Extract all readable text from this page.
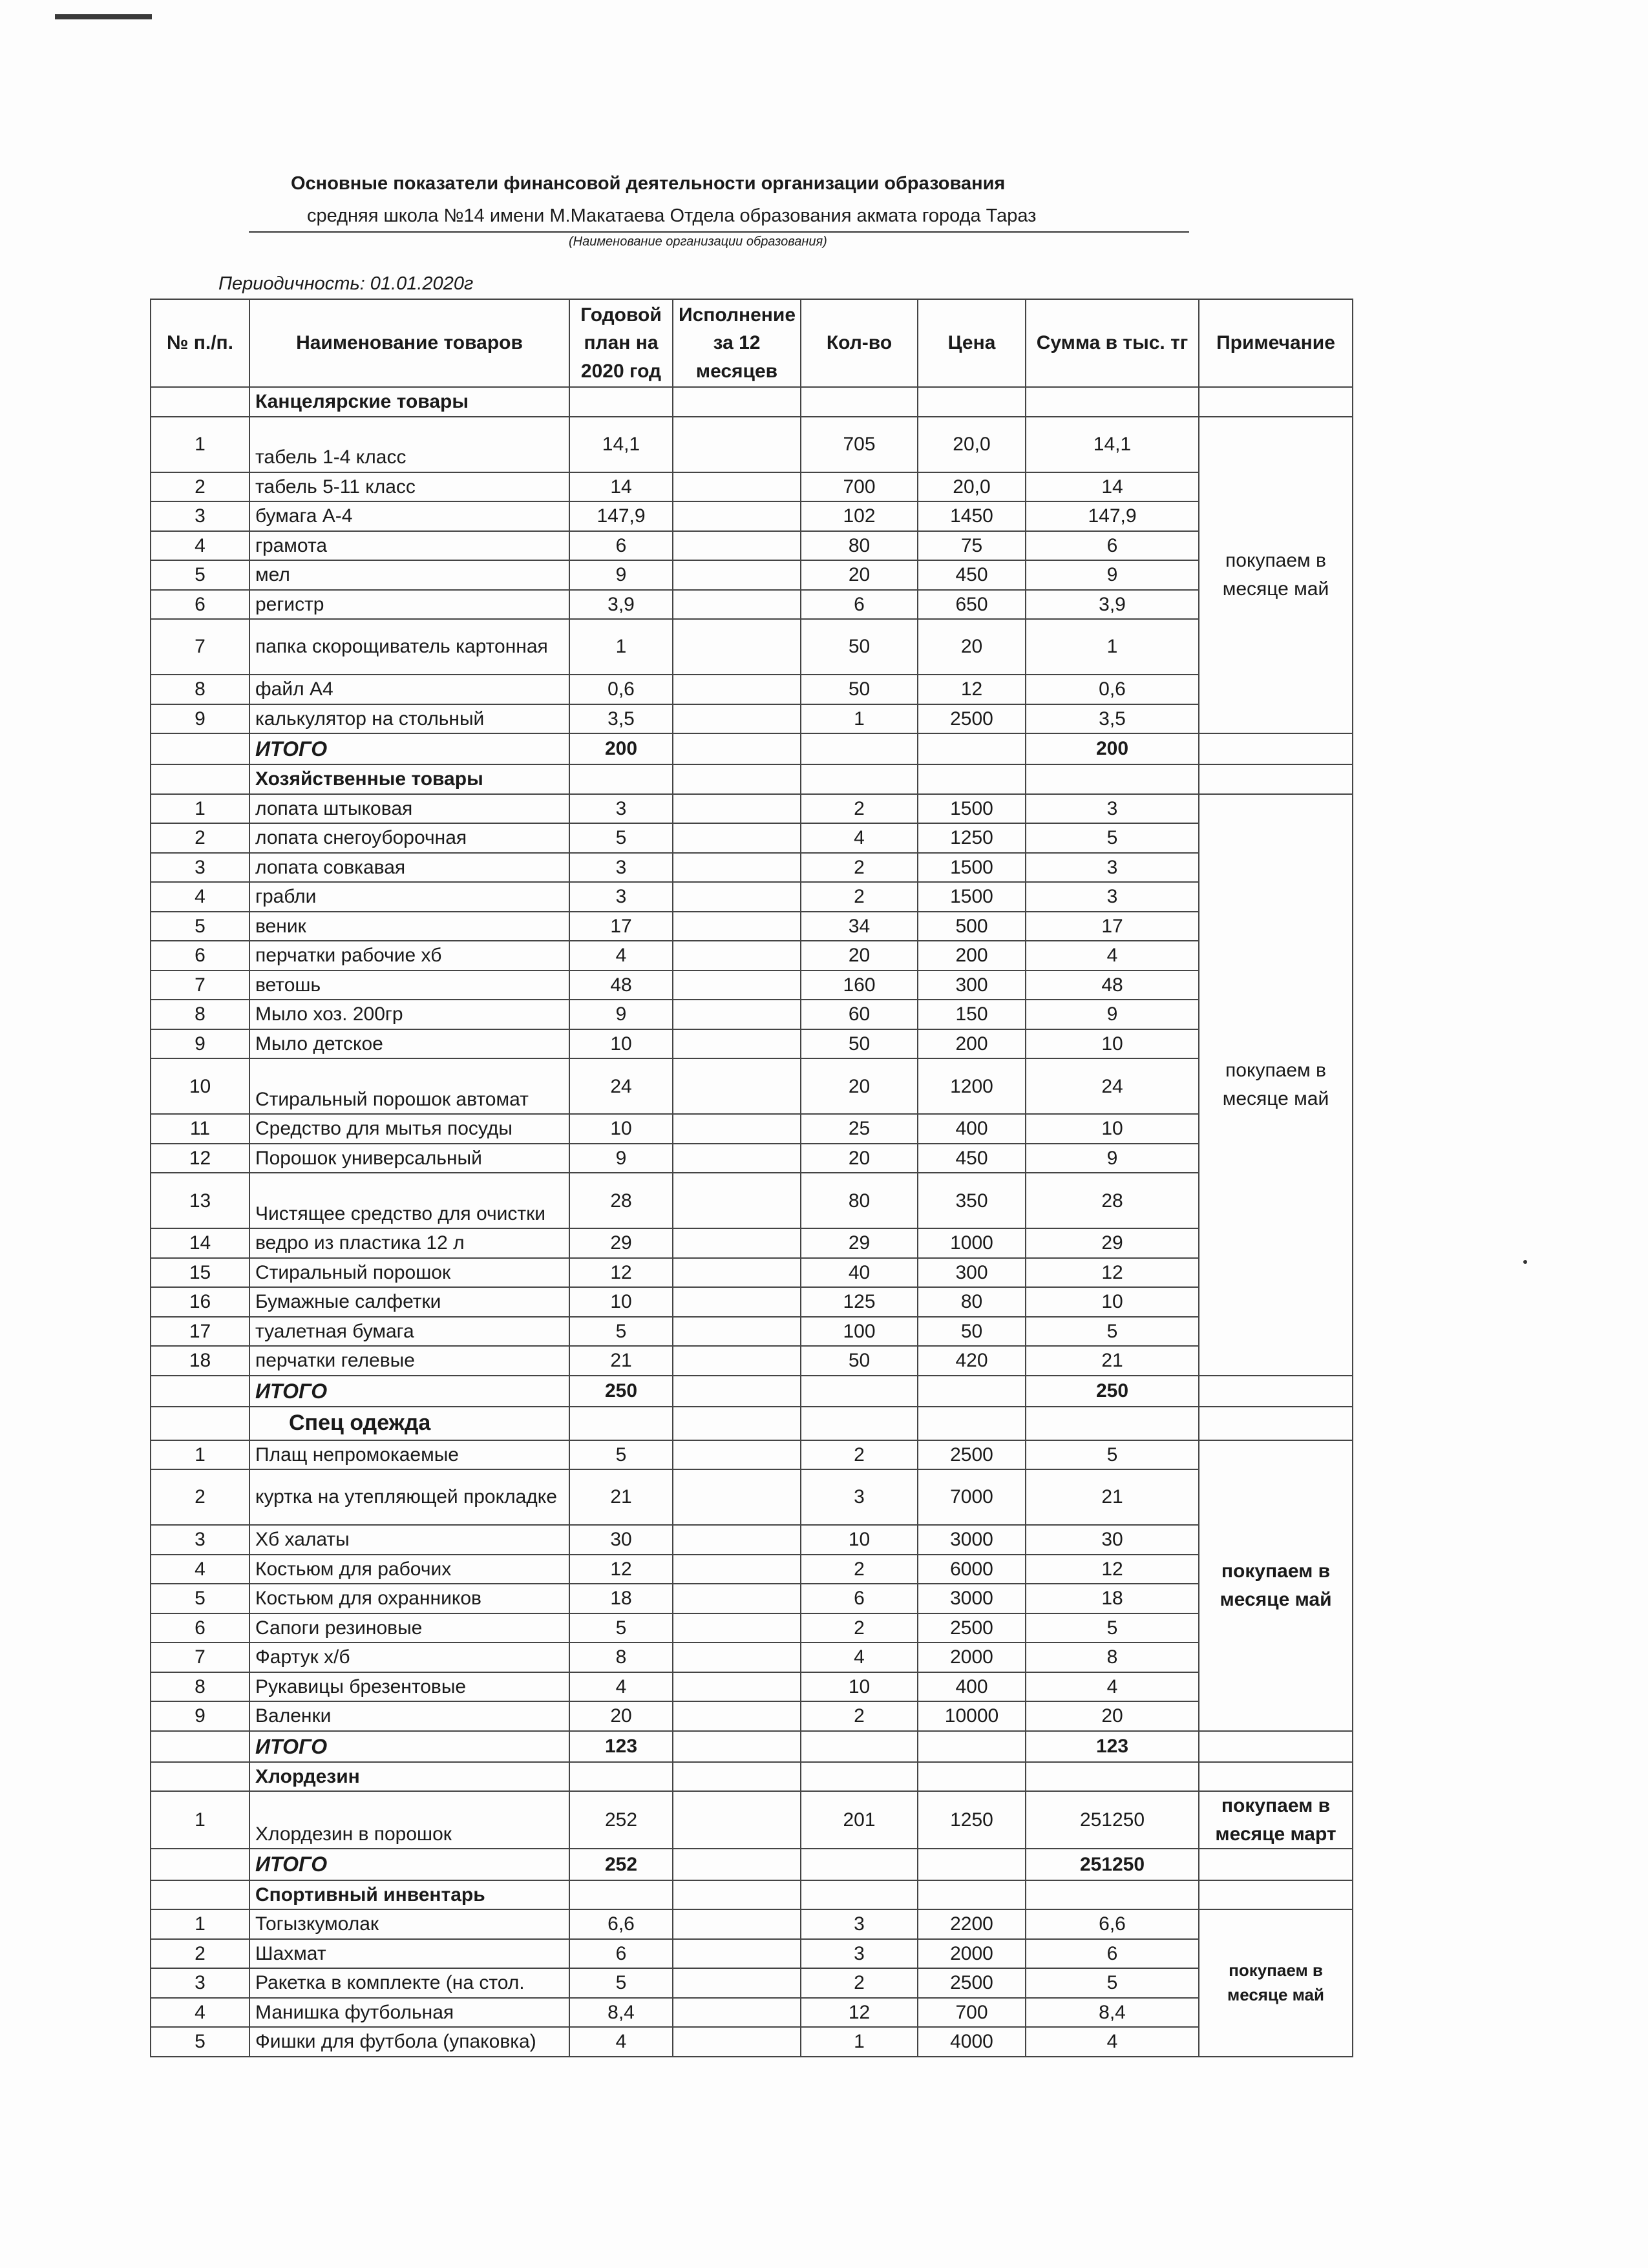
Основные показатели финансовой деятельности организации образования
средняя школа №14 имени М.Макатаева Отдела образования акмата города Тараз
(Наименование организации образования)
Периодичность: 01.01.2020г
№ п./п.	Наименование товаров	Годовой план на 2020 год	Исполнение за 12 месяцев	Кол-во	Цена	Сумма в тыс. тг	Примечание
	Канцелярские товары						
1	табель 1-4 класс	14,1		705	20,0	14,1	покупаем в месяце май
2	табель 5-11 класс	14		700	20,0	14	
3	бумага А-4	147,9		102	1450	147,9	
4	грамота	6		80	75	6	
5	мел	9		20	450	9	
6	регистр	3,9		6	650	3,9	
7	папка скорощиватель картонная	1		50	20	1	
8	файл А4	0,6		50	12	0,6	
9	калькулятор на стольный	3,5		1	2500	3,5	
	ИТОГО	200				200	
	Хозяйственные товары						
1	лопата штыковая	3		2	1500	3	покупаем в месяце май
2	лопата снегоуборочная	5		4	1250	5	
3	лопата совкавая	3		2	1500	3	
4	грабли	3		2	1500	3	
5	веник	17		34	500	17	
6	перчатки рабочие хб	4		20	200	4	
7	ветошь	48		160	300	48	
8	Мыло хоз. 200гр	9		60	150	9	
9	Мыло детское	10		50	200	10	
10	Стиральный порошок автомат	24		20	1200	24	
11	Средство для мытья посуды	10		25	400	10	
12	Порошок универсальный	9		20	450	9	
13	Чистящее средство для очистки	28		80	350	28	
14	ведро из пластика 12 л	29		29	1000	29	
15	Стиральный порошок	12		40	300	12	
16	Бумажные салфетки	10		125	80	10	
17	туалетная бумага	5		100	50	5	
18	перчатки гелевые	21		50	420	21	
	ИТОГО	250				250	
	Спец одежда						
1	Плащ непромокаемые	5		2	2500	5	покупаем в месяце май
2	куртка на утепляющей прокладке	21		3	7000	21	
3	Хб халаты	30		10	3000	30	
4	Костьюм для рабочих	12		2	6000	12	
5	Костьюм для охранников	18		6	3000	18	
6	Сапоги резиновые	5		2	2500	5	
7	Фартук х/б	8		4	2000	8	
8	Рукавицы брезентовые	4		10	400	4	
9	Валенки	20		2	10000	20	
	ИТОГО	123				123	
	Хлордезин						
1	Хлордезин в порошок	252		201	1250	251250	покупаем в месяце март
	ИТОГО	252				251250	
	Спортивный инвентарь						
1	Тогызкумолак	6,6		3	2200	6,6	покупаем в месяце май
2	Шахмат	6		3	2000	6	
3	Ракетка в комплекте (на стол.	5		2	2500	5	
4	Манишка футбольная	8,4		12	700	8,4	
5	Фишки для футбола (упаковка)	4		1	4000	4	
